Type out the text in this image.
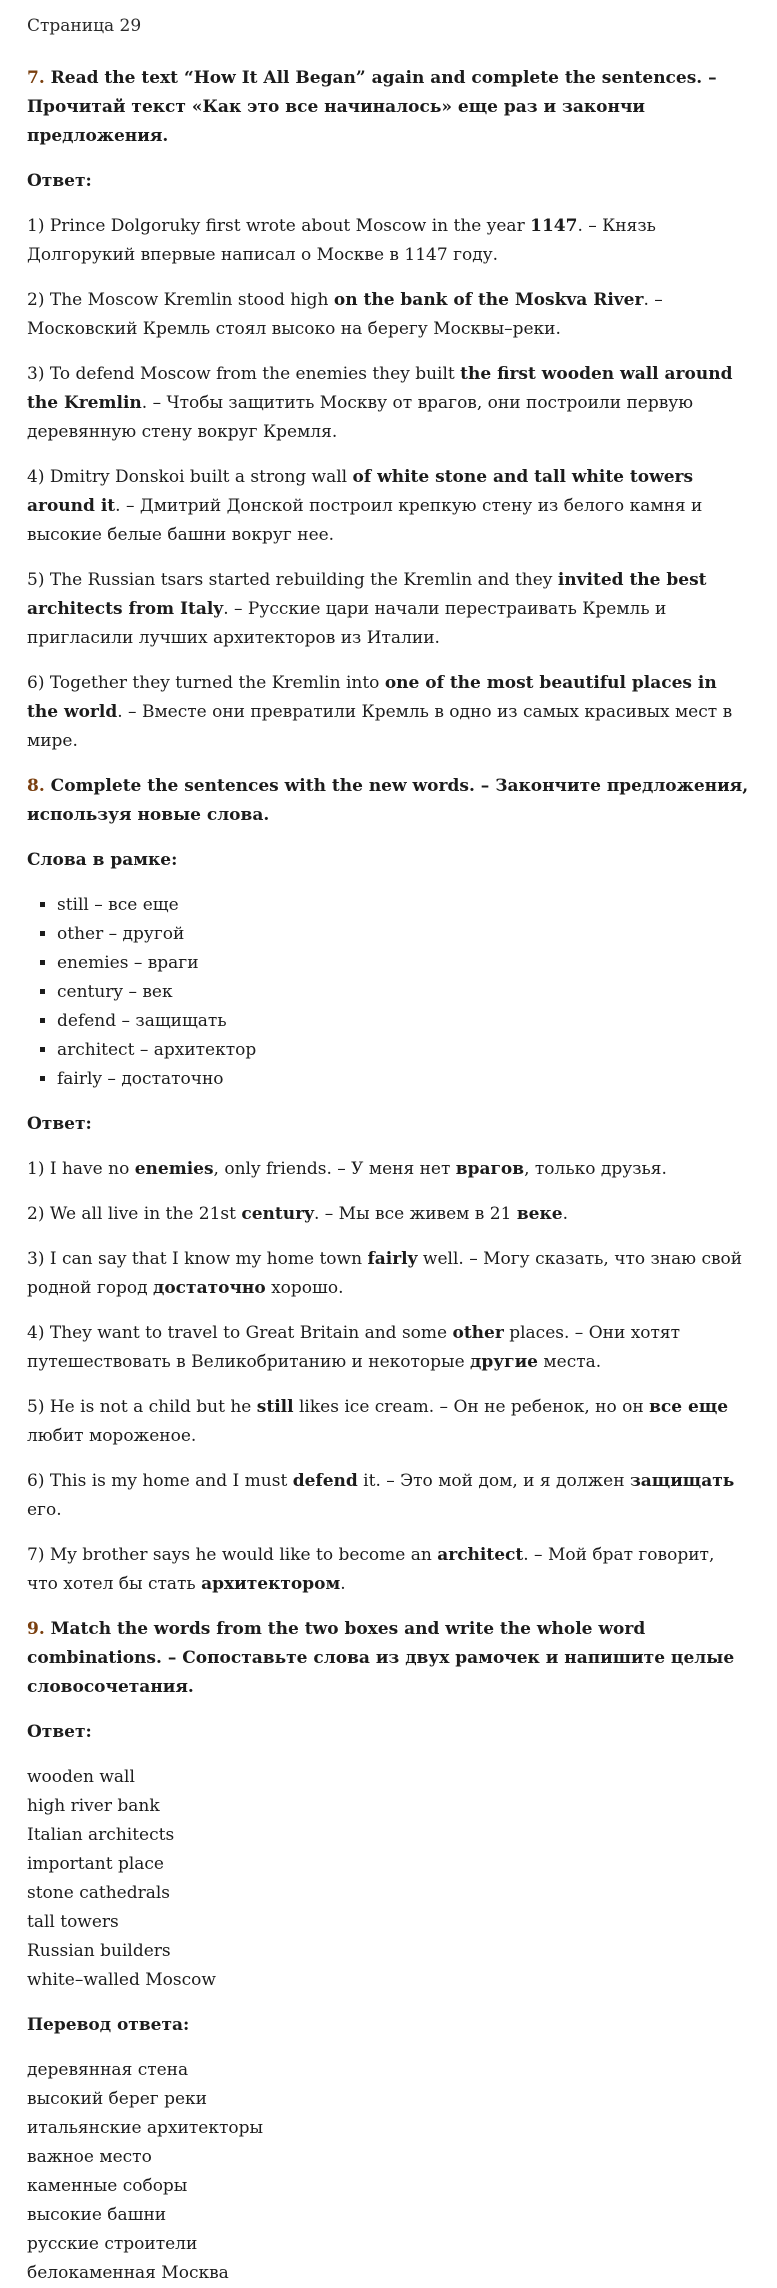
Страница 29
7. Read the text “How It All Began” again and complete the sentences. – Прочитай текст «Как это все начиналось» еще раз и закончи предложения.
Ответ:

1) Prince Dolgoruky first wrote about Moscow in the year 1147. – Князь Долгорукий впервые написал о Москве в 1147 году.

2) The Moscow Kremlin stood high on the bank of the Moskva River. – Московский Кремль стоял высоко на берегу Москвы–реки.

3) To defend Moscow from the enemies they built the first wooden wall around the Kremlin. – Чтобы защитить Москву от врагов, они построили первую деревянную стену вокруг Кремля.

4) Dmitry Donskoi built a strong wall of white stone and tall white towers around it. – Дмитрий Донской построил крепкую стену из белого камня и высокие белые башни вокруг нее.

5) The Russian tsars started rebuilding the Kremlin and they invited the best architects from Italy. – Русские цари начали перестраивать Кремль и пригласили лучших архитекторов из Италии.

6) Together they turned the Kremlin into one of the most beautiful places in the world. – Вместе они превратили Кремль в одно из самых красивых мест в мире.

8. Complete the sentences with the new words. – Закончите предложения, используя новые слова.
Слова в рамке:
▪ still – все еще
▪ other – другой
▪ enemies – враги
▪ century – век
▪ defend – защищать
▪ architect – архитектор
▪ fairly – достаточно
Ответ:

1) I have no enemies, only friends. – У меня нет врагов, только друзья.

2) We all live in the 21st century. – Мы все живем в 21 веке.

3) I can say that I know my home town fairly well. – Могу сказать, что знаю свой родной город достаточно хорошо.

4) They want to travel to Great Britain and some other places. – Они хотят путешествовать в Великобританию и некоторые другие места.

5) He is not a child but he still likes ice cream. – Он не ребенок, но он все еще любит мороженое.

6) This is my home and I must defend it. – Это мой дом, и я должен защищать его.

7) My brother says he would like to become an architect. – Мой брат говорит, что хотел бы стать архитектором.

9. Match the words from the two boxes and write the whole word combinations. – Сопоставьте слова из двух рамочек и напишите целые словосочетания.
Ответ:
wooden wall
high river bank
Italian architects
important place
stone cathedrals
tall towers
Russian builders
white–walled Moscow
Перевод ответа:
деревянная стена
высокий берег реки
итальянские архитекторы
важное место
каменные соборы
высокие башни
русские строители
белокаменная Москва
